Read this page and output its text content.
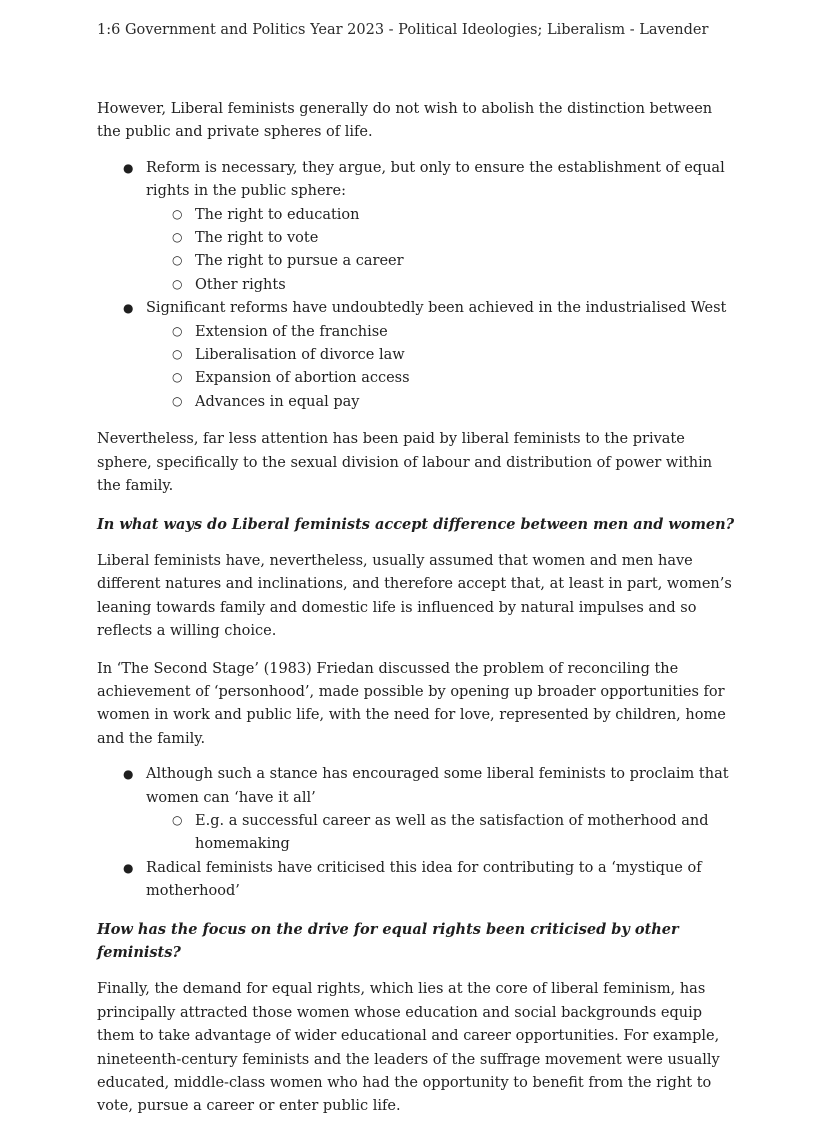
1:6 Government and Politics Year 2023 - Political Ideologies; Liberalism - Lavender

However, Liberal feminists generally do not wish to abolish the distinction between the public and private spheres of life.

● Reform is necessary, they argue, but only to ensure the establishment of equal rights in the public sphere:
○ The right to education
○ The right to vote
○ The right to pursue a career
○ Other rights
● Significant reforms have undoubtedly been achieved in the industrialised West
○ Extension of the franchise
○ Liberalisation of divorce law
○ Expansion of abortion access
○ Advances in equal pay

Nevertheless, far less attention has been paid by liberal feminists to the private sphere, specifically to the sexual division of labour and distribution of power within the family.

In what ways do Liberal feminists accept difference between men and women?

Liberal feminists have, nevertheless, usually assumed that women and men have different natures and inclinations, and therefore accept that, at least in part, women’s leaning towards family and domestic life is influenced by natural impulses and so reflects a willing choice.

In ‘The Second Stage’ (1983) Friedan discussed the problem of reconciling the achievement of ‘personhood’, made possible by opening up broader opportunities for women in work and public life, with the need for love, represented by children, home and the family.

● Although such a stance has encouraged some liberal feminists to proclaim that women can ‘have it all’
○ E.g. a successful career as well as the satisfaction of motherhood and homemaking
● Radical feminists have criticised this idea for contributing to a ‘mystique of motherhood’

How has the focus on the drive for equal rights been criticised by other feminists?

Finally, the demand for equal rights, which lies at the core of liberal feminism, has principally attracted those women whose education and social backgrounds equip them to take advantage of wider educational and career opportunities. For example, nineteenth-century feminists and the leaders of the suffrage movement were usually educated, middle-class women who had the opportunity to benefit from the right to vote, pursue a career or enter public life.
